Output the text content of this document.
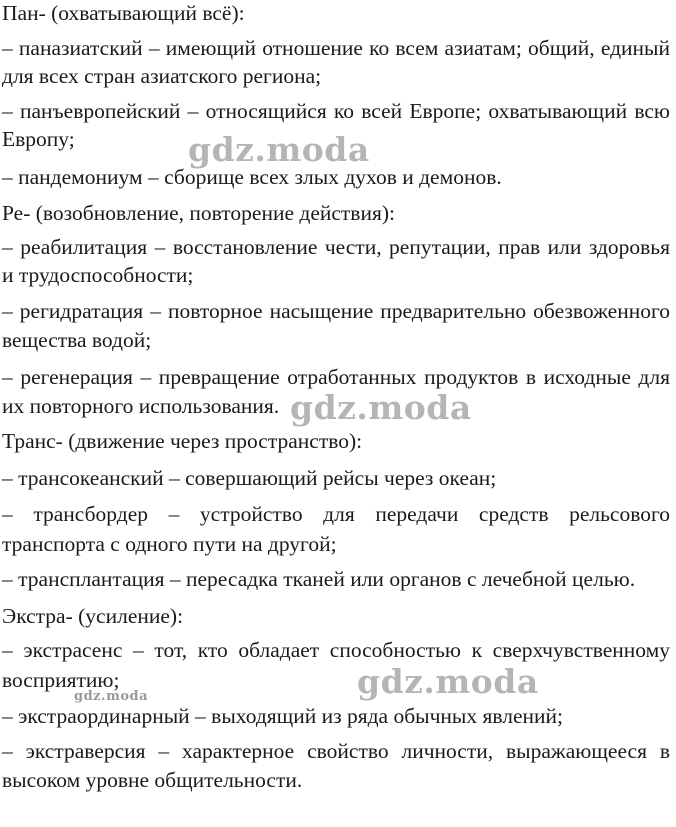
Пан- (охватывающий всё):
– паназиатский – имеющий отношение ко всем азиатам; общий, единый
для всех стран азиатского региона;
– панъевропейский – относящийся ко всей Европе; охватывающий всю
Европу;
– пандемониум – сборище всех злых духов и демонов.
Ре- (возобновление, повторение действия):
– реабилитация – восстановление чести, репутации, прав или здоровья
и трудоспособности;
– регидратация – повторное насыщение предварительно обезвоженного
вещества водой;
– регенерация – превращение отработанных продуктов в исходные для
их повторного использования.
Транс- (движение через пространство):
– трансокеанский – совершающий рейсы через океан;
– трансбордер – устройство для передачи средств рельсового
транспорта с одного пути на другой;
– трансплантация – пересадка тканей или органов с лечебной целью.
Экстра- (усиление):
– экстрасенс – тот, кто обладает способностью к сверхчувственному
восприятию;
– экстраординарный – выходящий из ряда обычных явлений;
– экстраверсия – характерное свойство личности, выражающееся в
высоком уровне общительности.
gdz.moda
gdz.moda
gdz.moda
gdz.moda
